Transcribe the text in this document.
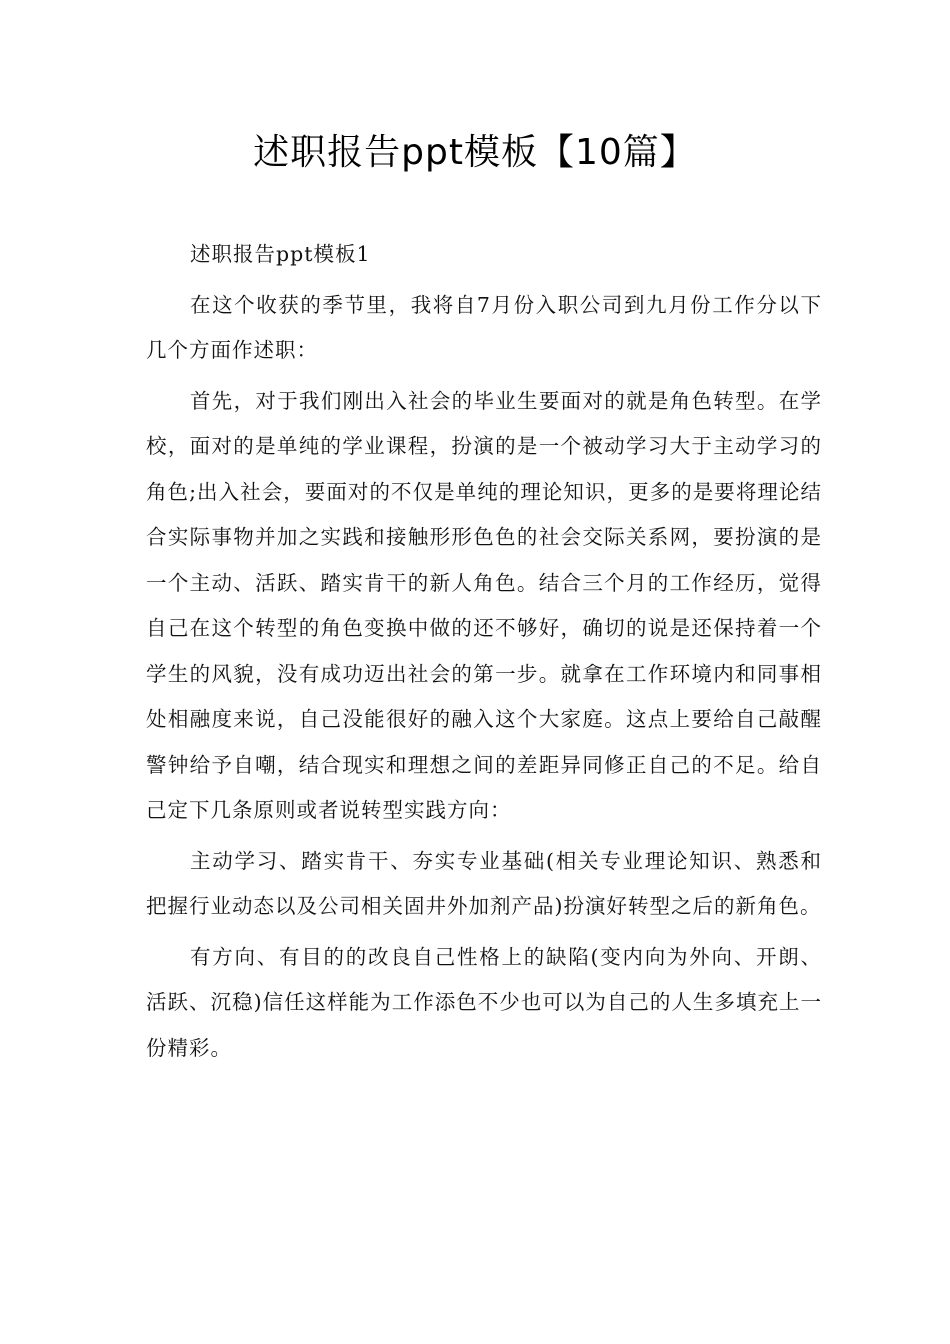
述职报告ppt模板【10篇】

述职报告ppt模板1

在这个收获的季节里，我将自7月份入职公司到九月份工作分以下几个方面作述职：

首先，对于我们刚出入社会的毕业生要面对的就是角色转型。在学校，面对的是单纯的学业课程，扮演的是一个被动学习大于主动学习的角色;出入社会，要面对的不仅是单纯的理论知识，更多的是要将理论结合实际事物并加之实践和接触形形色色的社会交际关系网，要扮演的是一个主动、活跃、踏实肯干的新人角色。结合三个月的工作经历，觉得自己在这个转型的角色变换中做的还不够好，确切的说是还保持着一个学生的风貌，没有成功迈出社会的第一步。就拿在工作环境内和同事相处相融度来说，自己没能很好的融入这个大家庭。这点上要给自己敲醒警钟给予自嘲，结合现实和理想之间的差距异同修正自己的不足。给自己定下几条原则或者说转型实践方向：

主动学习、踏实肯干、夯实专业基础(相关专业理论知识、熟悉和把握行业动态以及公司相关固井外加剂产品)扮演好转型之后的新角色。

有方向、有目的的改良自己性格上的缺陷(变内向为外向、开朗、活跃、沉稳)信任这样能为工作添色不少也可以为自己的人生多填充上一份精彩。
